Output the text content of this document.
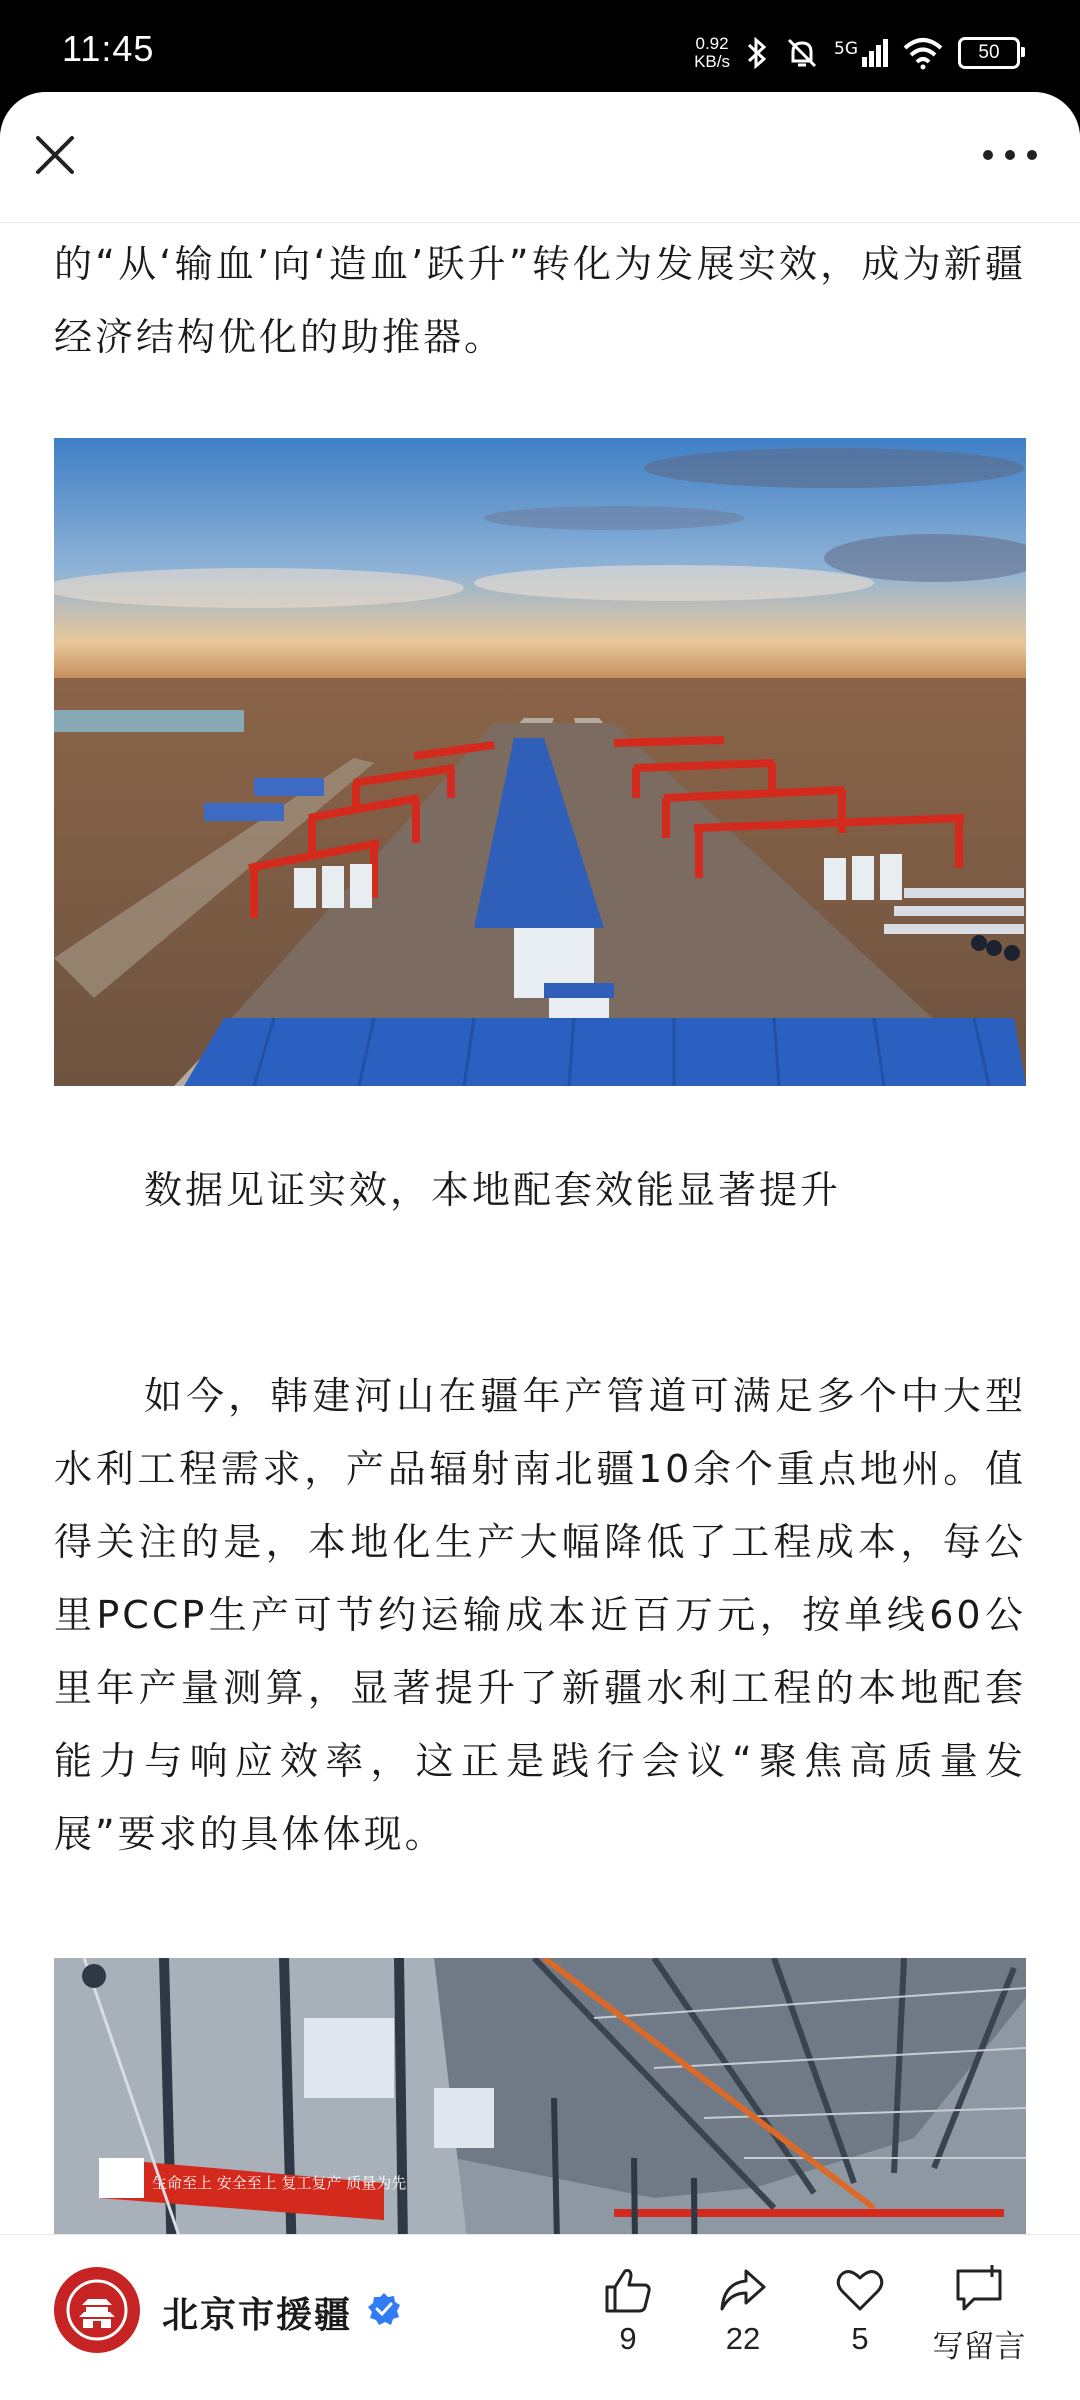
11:45	0.92
KB/s
5G	50

的“从‘输血’向‘造血’跃升”转化为发展实效，成为新疆经济结构优化的助推器。

数据见证实效，本地配套效能显著提升

如今，韩建河山在疆年产管道可满足多个中大型水利工程需求，产品辐射南北疆10余个重点地州。值得关注的是，本地化生产大幅降低了工程成本，每公里PCCP生产可节约运输成本近百万元，按单线60公里年产量测算，显著提升了新疆水利工程的本地配套能力与响应效率，这正是践行会议“聚焦高质量发展”要求的具体体现。

生命至上 安全至上 复工复产 质量为先
北京市援疆
9	22	5	写留言
